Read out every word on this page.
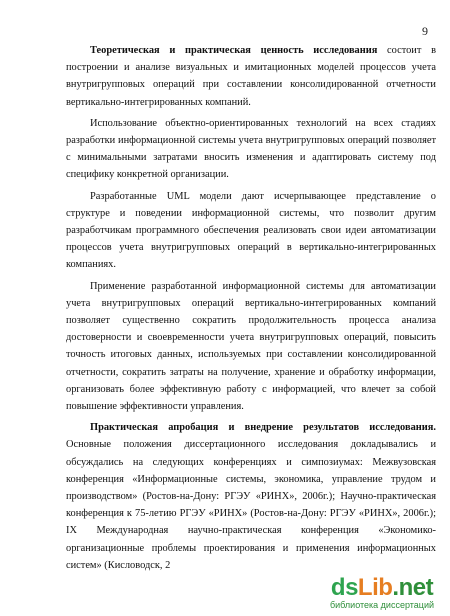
9

Теоретическая и практическая ценность исследования состоит в построении и анализе визуальных и имитационных моделей процессов учета внутригрупповых операций при составлении консолидированной отчетности вертикально-интегрированных компаний.

Использование объектно-ориентированных технологий на всех стадиях разработки информационной системы учета внутригрупповых операций позволяет с минимальными затратами вносить изменения и адаптировать систему под специфику конкретной организации.

Разработанные UML модели дают исчерпывающее представление о структуре и поведении информационной системы, что позволит другим разработчикам программного обеспечения реализовать свои идеи автоматизации процессов учета внутригрупповых операций в вертикально-интегрированных компаниях.

Применение разработанной информационной системы для автоматизации учета внутригрупповых операций вертикально-интегрированных компаний позволяет существенно сократить продолжительность процесса анализа достоверности и своевременности учета внутригрупповых операций, повысить точность итоговых данных, используемых при составлении консолидированной отчетности, сократить затраты на получение, хранение и обработку информации, организовать более эффективную работу с информацией, что влечет за собой повышение эффективности управления.

Практическая апробация и внедрение результатов исследования. Основные положения диссертационного исследования докладывались и обсуждались на следующих конференциях и симпозиумах: Межвузовская конференция «Информационные системы, экономика, управление трудом и производством» (Ростов-на-Дону: РГЭУ «РИНХ», 2006г.); Научно-практическая конференция к 75-летию РГЭУ «РИНХ» (Ростов-на-Дону: РГЭУ «РИНХ», 2006г.); IX Международная научно-практическая конференция «Экономико-организационные проблемы проектирования и применения информационных систем» (Кисловодск, 2

dsLib.net
библиотека диссертаций
